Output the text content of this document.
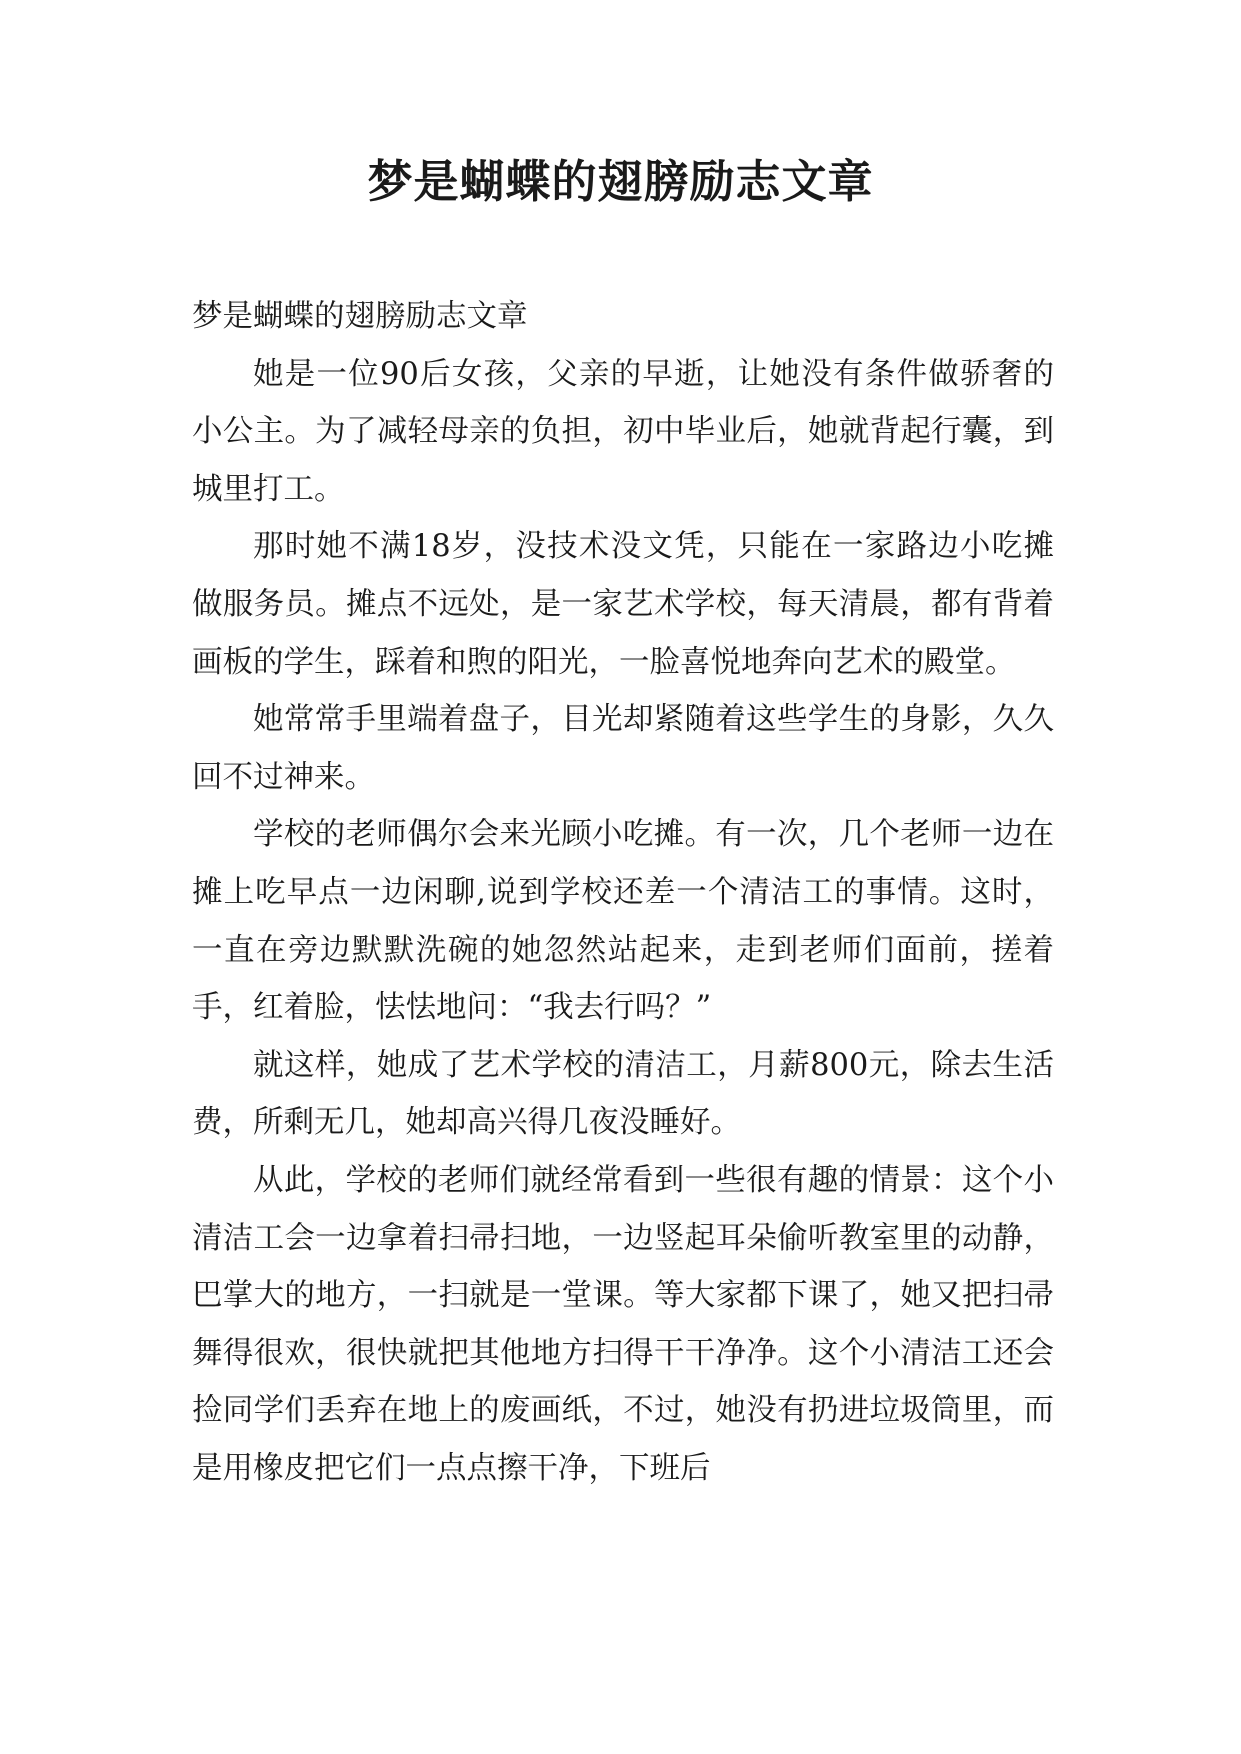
梦是蝴蝶的翅膀励志文章

梦是蝴蝶的翅膀励志文章

她是一位90后女孩，父亲的早逝，让她没有条件做骄奢的小公主。为了减轻母亲的负担，初中毕业后，她就背起行囊，到城里打工。

那时她不满18岁，没技术没文凭，只能在一家路边小吃摊做服务员。摊点不远处，是一家艺术学校，每天清晨，都有背着画板的学生，踩着和煦的阳光，一脸喜悦地奔向艺术的殿堂。

她常常手里端着盘子，目光却紧随着这些学生的身影，久久回不过神来。

学校的老师偶尔会来光顾小吃摊。有一次，几个老师一边在摊上吃早点一边闲聊,说到学校还差一个清洁工的事情。这时，一直在旁边默默洗碗的她忽然站起来，走到老师们面前，搓着手，红着脸，怯怯地问：“我去行吗？”

就这样，她成了艺术学校的清洁工，月薪800元，除去生活费，所剩无几，她却高兴得几夜没睡好。

从此，学校的老师们就经常看到一些很有趣的情景：这个小清洁工会一边拿着扫帚扫地，一边竖起耳朵偷听教室里的动静，巴掌大的地方，一扫就是一堂课。等大家都下课了，她又把扫帚舞得很欢，很快就把其他地方扫得干干净净。这个小清洁工还会捡同学们丢弃在地上的废画纸，不过，她没有扔进垃圾筒里，而是用橡皮把它们一点点擦干净，下班后
